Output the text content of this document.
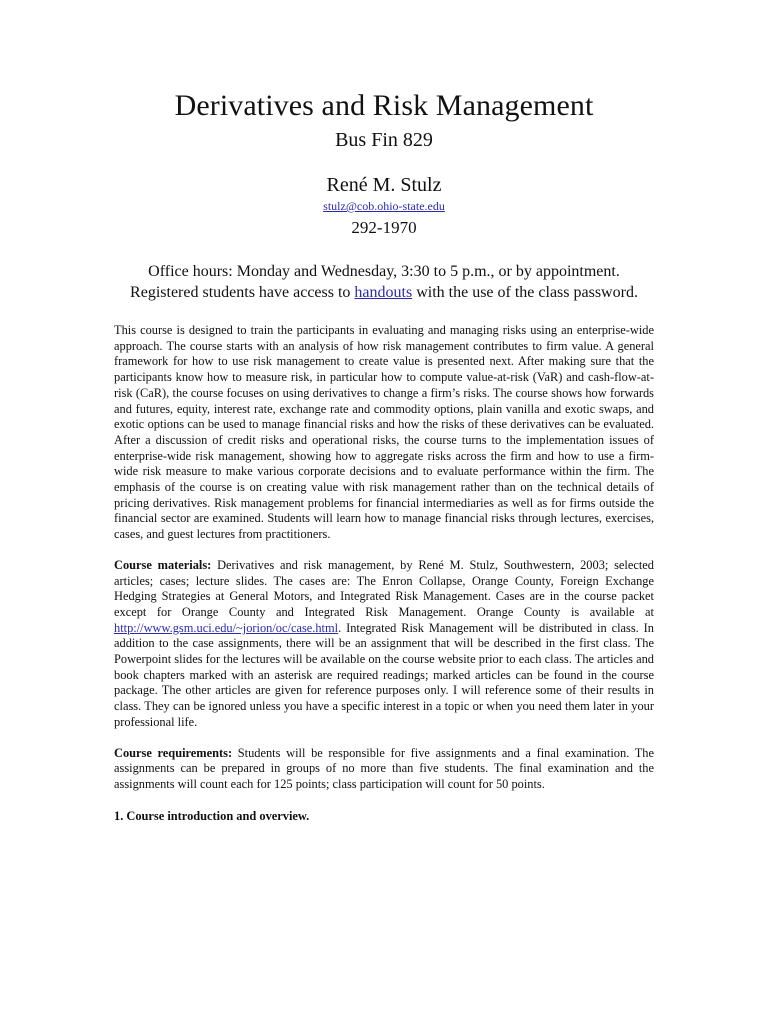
Derivatives and Risk Management
Bus Fin 829
René M. Stulz
stulz@cob.ohio-state.edu
292-1970
Office hours: Monday and Wednesday, 3:30 to 5 p.m., or by appointment.
Registered students have access to handouts with the use of the class password.

This course is designed to train the participants in evaluating and managing risks using an enterprise-wide approach. The course starts with an analysis of how risk management contributes to firm value. A general framework for how to use risk management to create value is presented next. After making sure that the participants know how to measure risk, in particular how to compute value-at-risk (VaR) and cash-flow-at-risk (CaR), the course focuses on using derivatives to change a firm’s risks. The course shows how forwards and futures, equity, interest rate, exchange rate and commodity options, plain vanilla and exotic swaps, and exotic options can be used to manage financial risks and how the risks of these derivatives can be evaluated. After a discussion of credit risks and operational risks, the course turns to the implementation issues of enterprise-wide risk management, showing how to aggregate risks across the firm and how to use a firm-wide risk measure to make various corporate decisions and to evaluate performance within the firm. The emphasis of the course is on creating value with risk management rather than on the technical details of pricing derivatives. Risk management problems for financial intermediaries as well as for firms outside the financial sector are examined. Students will learn how to manage financial risks through lectures, exercises, cases, and guest lectures from practitioners.

Course materials: Derivatives and risk management, by René M. Stulz, Southwestern, 2003; selected articles; cases; lecture slides. The cases are: The Enron Collapse, Orange County, Foreign Exchange Hedging Strategies at General Motors, and Integrated Risk Management. Cases are in the course packet except for Orange County and Integrated Risk Management. Orange County is available at http://www.gsm.uci.edu/~jorion/oc/case.html. Integrated Risk Management will be distributed in class. In addition to the case assignments, there will be an assignment that will be described in the first class. The Powerpoint slides for the lectures will be available on the course website prior to each class. The articles and book chapters marked with an asterisk are required readings; marked articles can be found in the course package. The other articles are given for reference purposes only. I will reference some of their results in class. They can be ignored unless you have a specific interest in a topic or when you need them later in your professional life.

Course requirements: Students will be responsible for five assignments and a final examination. The assignments can be prepared in groups of no more than five students. The final examination and the assignments will count each for 125 points; class participation will count for 50 points.

1. Course introduction and overview.
